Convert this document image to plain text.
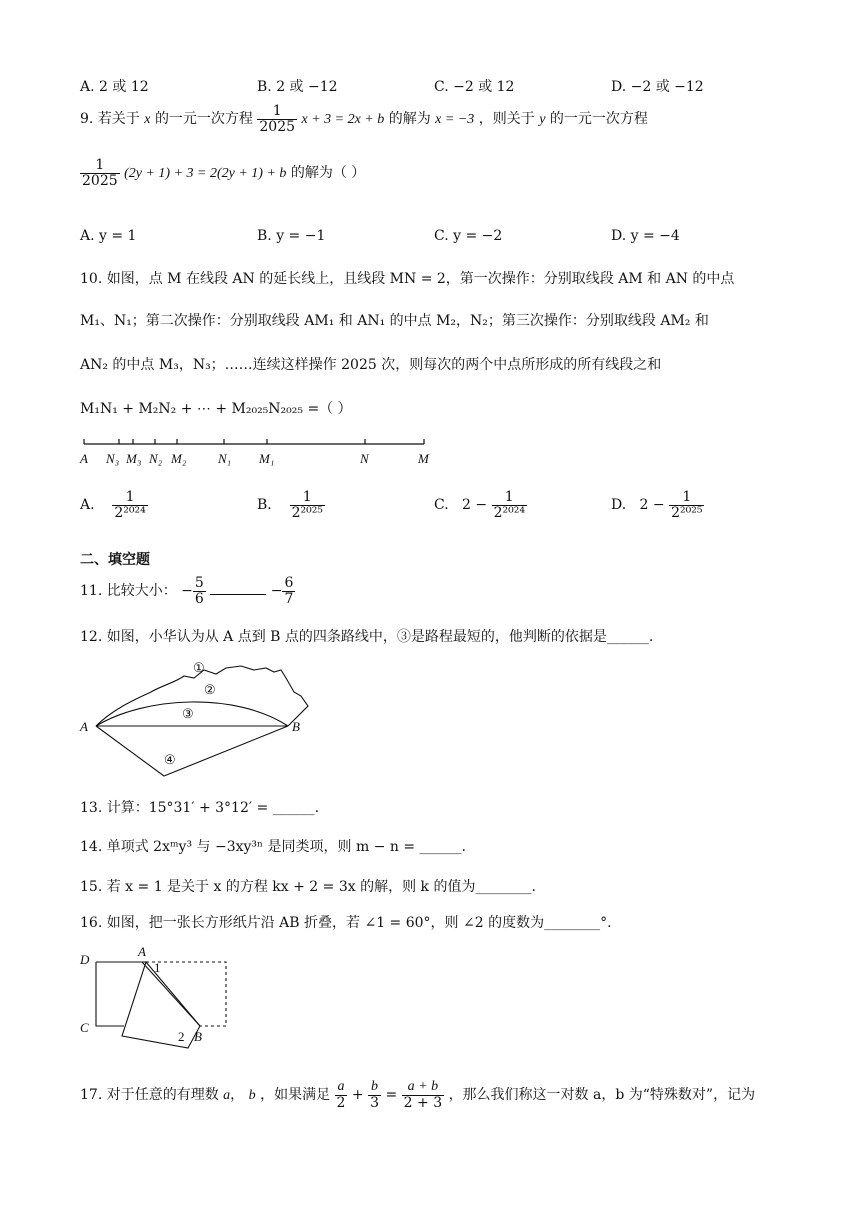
A. 2 或 12	B. 2 或 −12	C. −2 或 12	D. −2 或 −12
9. 若关于 x 的一元一次方程 $\frac{1}{2025}$ x + 3 = 2x + b 的解为 x = −3 ，则关于 y 的一元一次方程
$\frac{1}{2025} (2y + 1) + 3 = 2(2y + 1) + b$ 的解为（ ）
A. y = 1	B. y = −1	C. y = −2	D. y = −4
10. 如图，点 M 在线段 AN 的延长线上，且线段 MN = 2，第一次操作：分别取线段 AM 和 AN 的中点
M₁、N₁；第二次操作：分别取线段 AM₁ 和 AN₁ 的中点 M₂，N₂；第三次操作：分别取线段 AM₂ 和
AN₂ 的中点 M₃，N₃；……连续这样操作 2025 次，则每次的两个中点所形成的所有线段之和
M₁N₁ + M₂N₂ + ⋯ + M₂₀₂₅N₂₀₂₅ =（ ）
A N₃ M₃ N₂ M₂ N₁ M₁	N	M
A. $\frac{1}{\text{2²⁰²⁴}}$	B. $\frac{1}{\text{2²⁰²⁵}}$	C. $2 - \frac{1}{\text{2²⁰²⁴}}$	D. $2 - \frac{1}{\text{2²⁰²⁵}}$
二、填空题
11. 比较大小： − $\frac{5}{6}$	− $\frac{6}{7}$
12. 如图，小华认为从 A 点到 B 点的四条路线中，③是路程最短的，他判断的依据是______.
①
②
③
④
A	B
13. 计算：15°31′ + 3°12′ = ______.
14. 单项式 2xᵐy³ 与 −3xy³ⁿ 是同类项，则 m − n = ______.
15. 若 x = 1 是关于 x 的方程 kx + 2 = 3x 的解，则 k 的值为________.
16. 如图，把一张长方形纸片沿 AB 折叠，若 ∠1 = 60°，则 ∠2 的度数为________°.
D
A
1
C
2 B
17. 对于任意的有理数 a， b ，如果满足 $\frac{a}{2} + \frac{b}{3} = \frac{a + b}{2 + 3}$ ，那么我们称这一对数 a，b 为“特殊数对”，记为
